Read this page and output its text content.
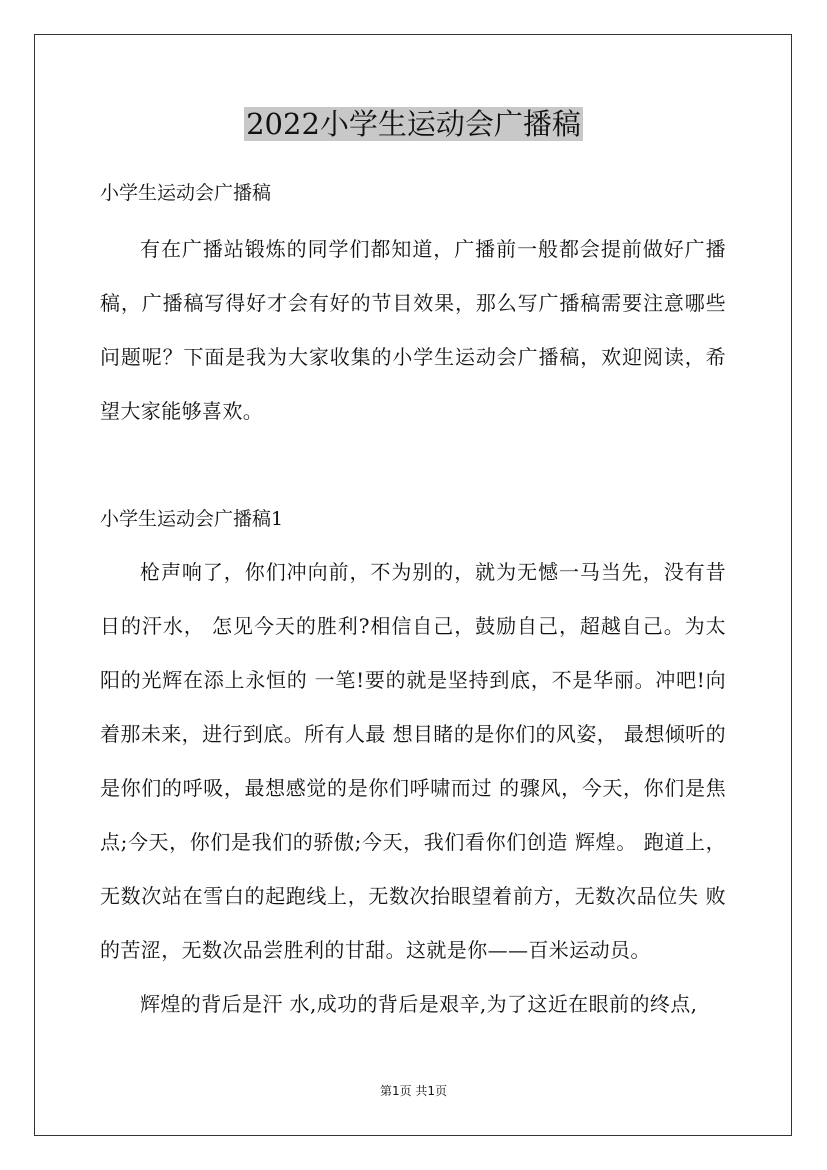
2022小学生运动会广播稿

小学生运动会广播稿

有在广播站锻炼的同学们都知道，广播前一般都会提前做好广播稿，广播稿写得好才会有好的节目效果，那么写广播稿需要注意哪些问题呢？下面是我为大家收集的小学生运动会广播稿，欢迎阅读，希望大家能够喜欢。

小学生运动会广播稿1

枪声响了，你们冲向前，不为别的，就为无憾一马当先，没有昔日的汗水， 怎见今天的胜利?相信自己，鼓励自己，超越自己。为太阳的光辉在添上永恒的 一笔!要的就是坚持到底，不是华丽。冲吧!向着那未来，进行到底。所有人最 想目睹的是你们的风姿， 最想倾听的是你们的呼吸，最想感觉的是你们呼啸而过 的骤风，今天，你们是焦点;今天，你们是我们的骄傲;今天，我们看你们创造 辉煌。 跑道上，无数次站在雪白的起跑线上，无数次抬眼望着前方，无数次品位失 败的苦涩，无数次品尝胜利的甘甜。这就是你——百米运动员。

辉煌的背后是汗 水,成功的背后是艰辛,为了这近在眼前的终点,

第1页 共1页
